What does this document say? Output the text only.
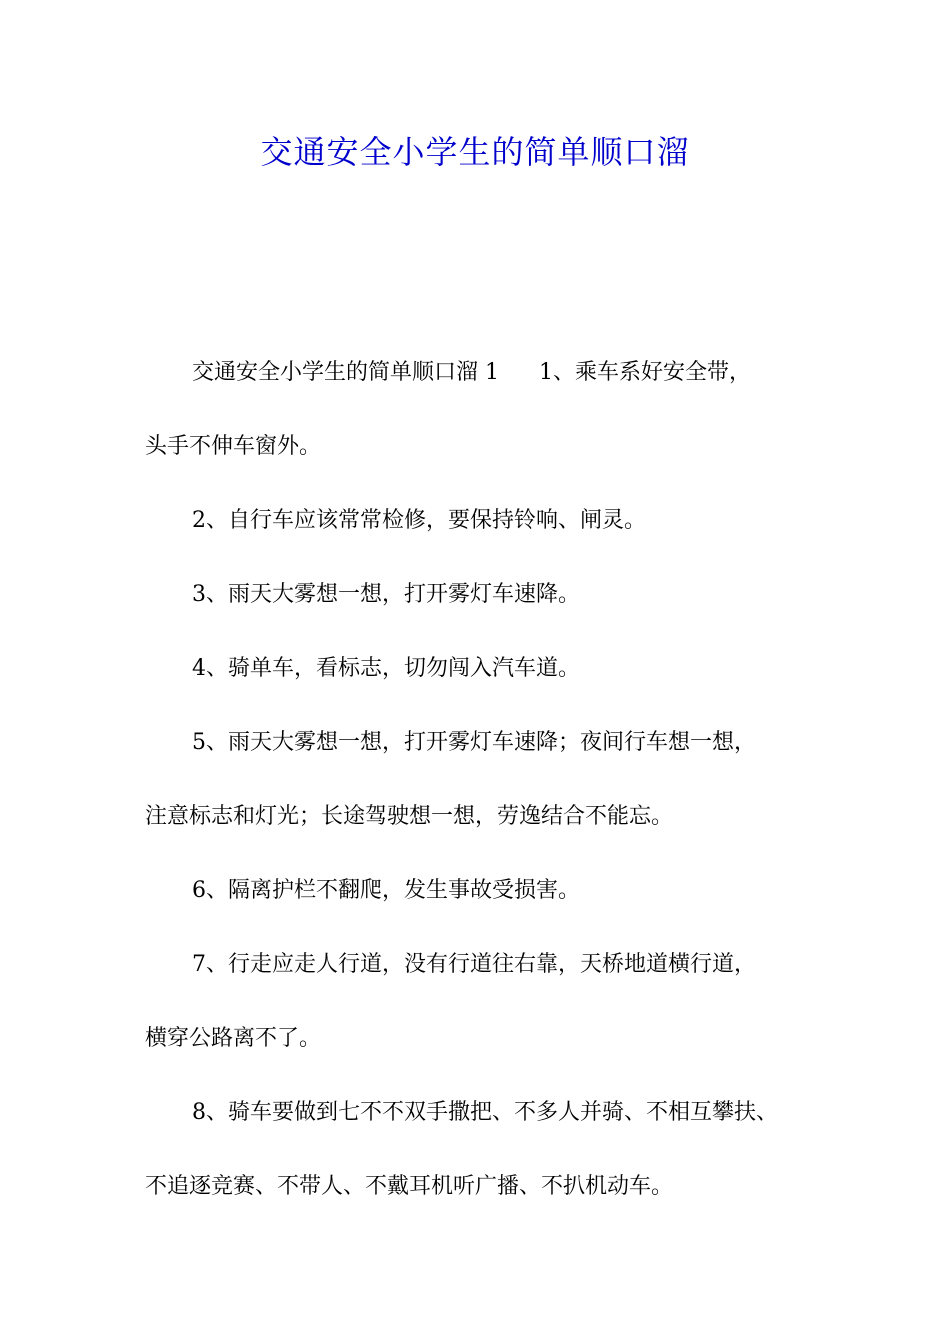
交通安全小学生的简单顺口溜
交通安全小学生的简单顺口溜 1 1、乘车系好安全带，
头手不伸车窗外。
2、自行车应该常常检修，要保持铃响、闸灵。
3、雨天大雾想一想，打开雾灯车速降。
4、骑单车，看标志，切勿闯入汽车道。
5、雨天大雾想一想，打开雾灯车速降；夜间行车想一想，
注意标志和灯光；长途驾驶想一想，劳逸结合不能忘。
6、隔离护栏不翻爬，发生事故受损害。
7、行走应走人行道，没有行道往右靠，天桥地道横行道，
横穿公路离不了。
8、骑车要做到七不不双手撒把、不多人并骑、不相互攀扶、
不追逐竞赛、不带人、不戴耳机听广播、不扒机动车。
